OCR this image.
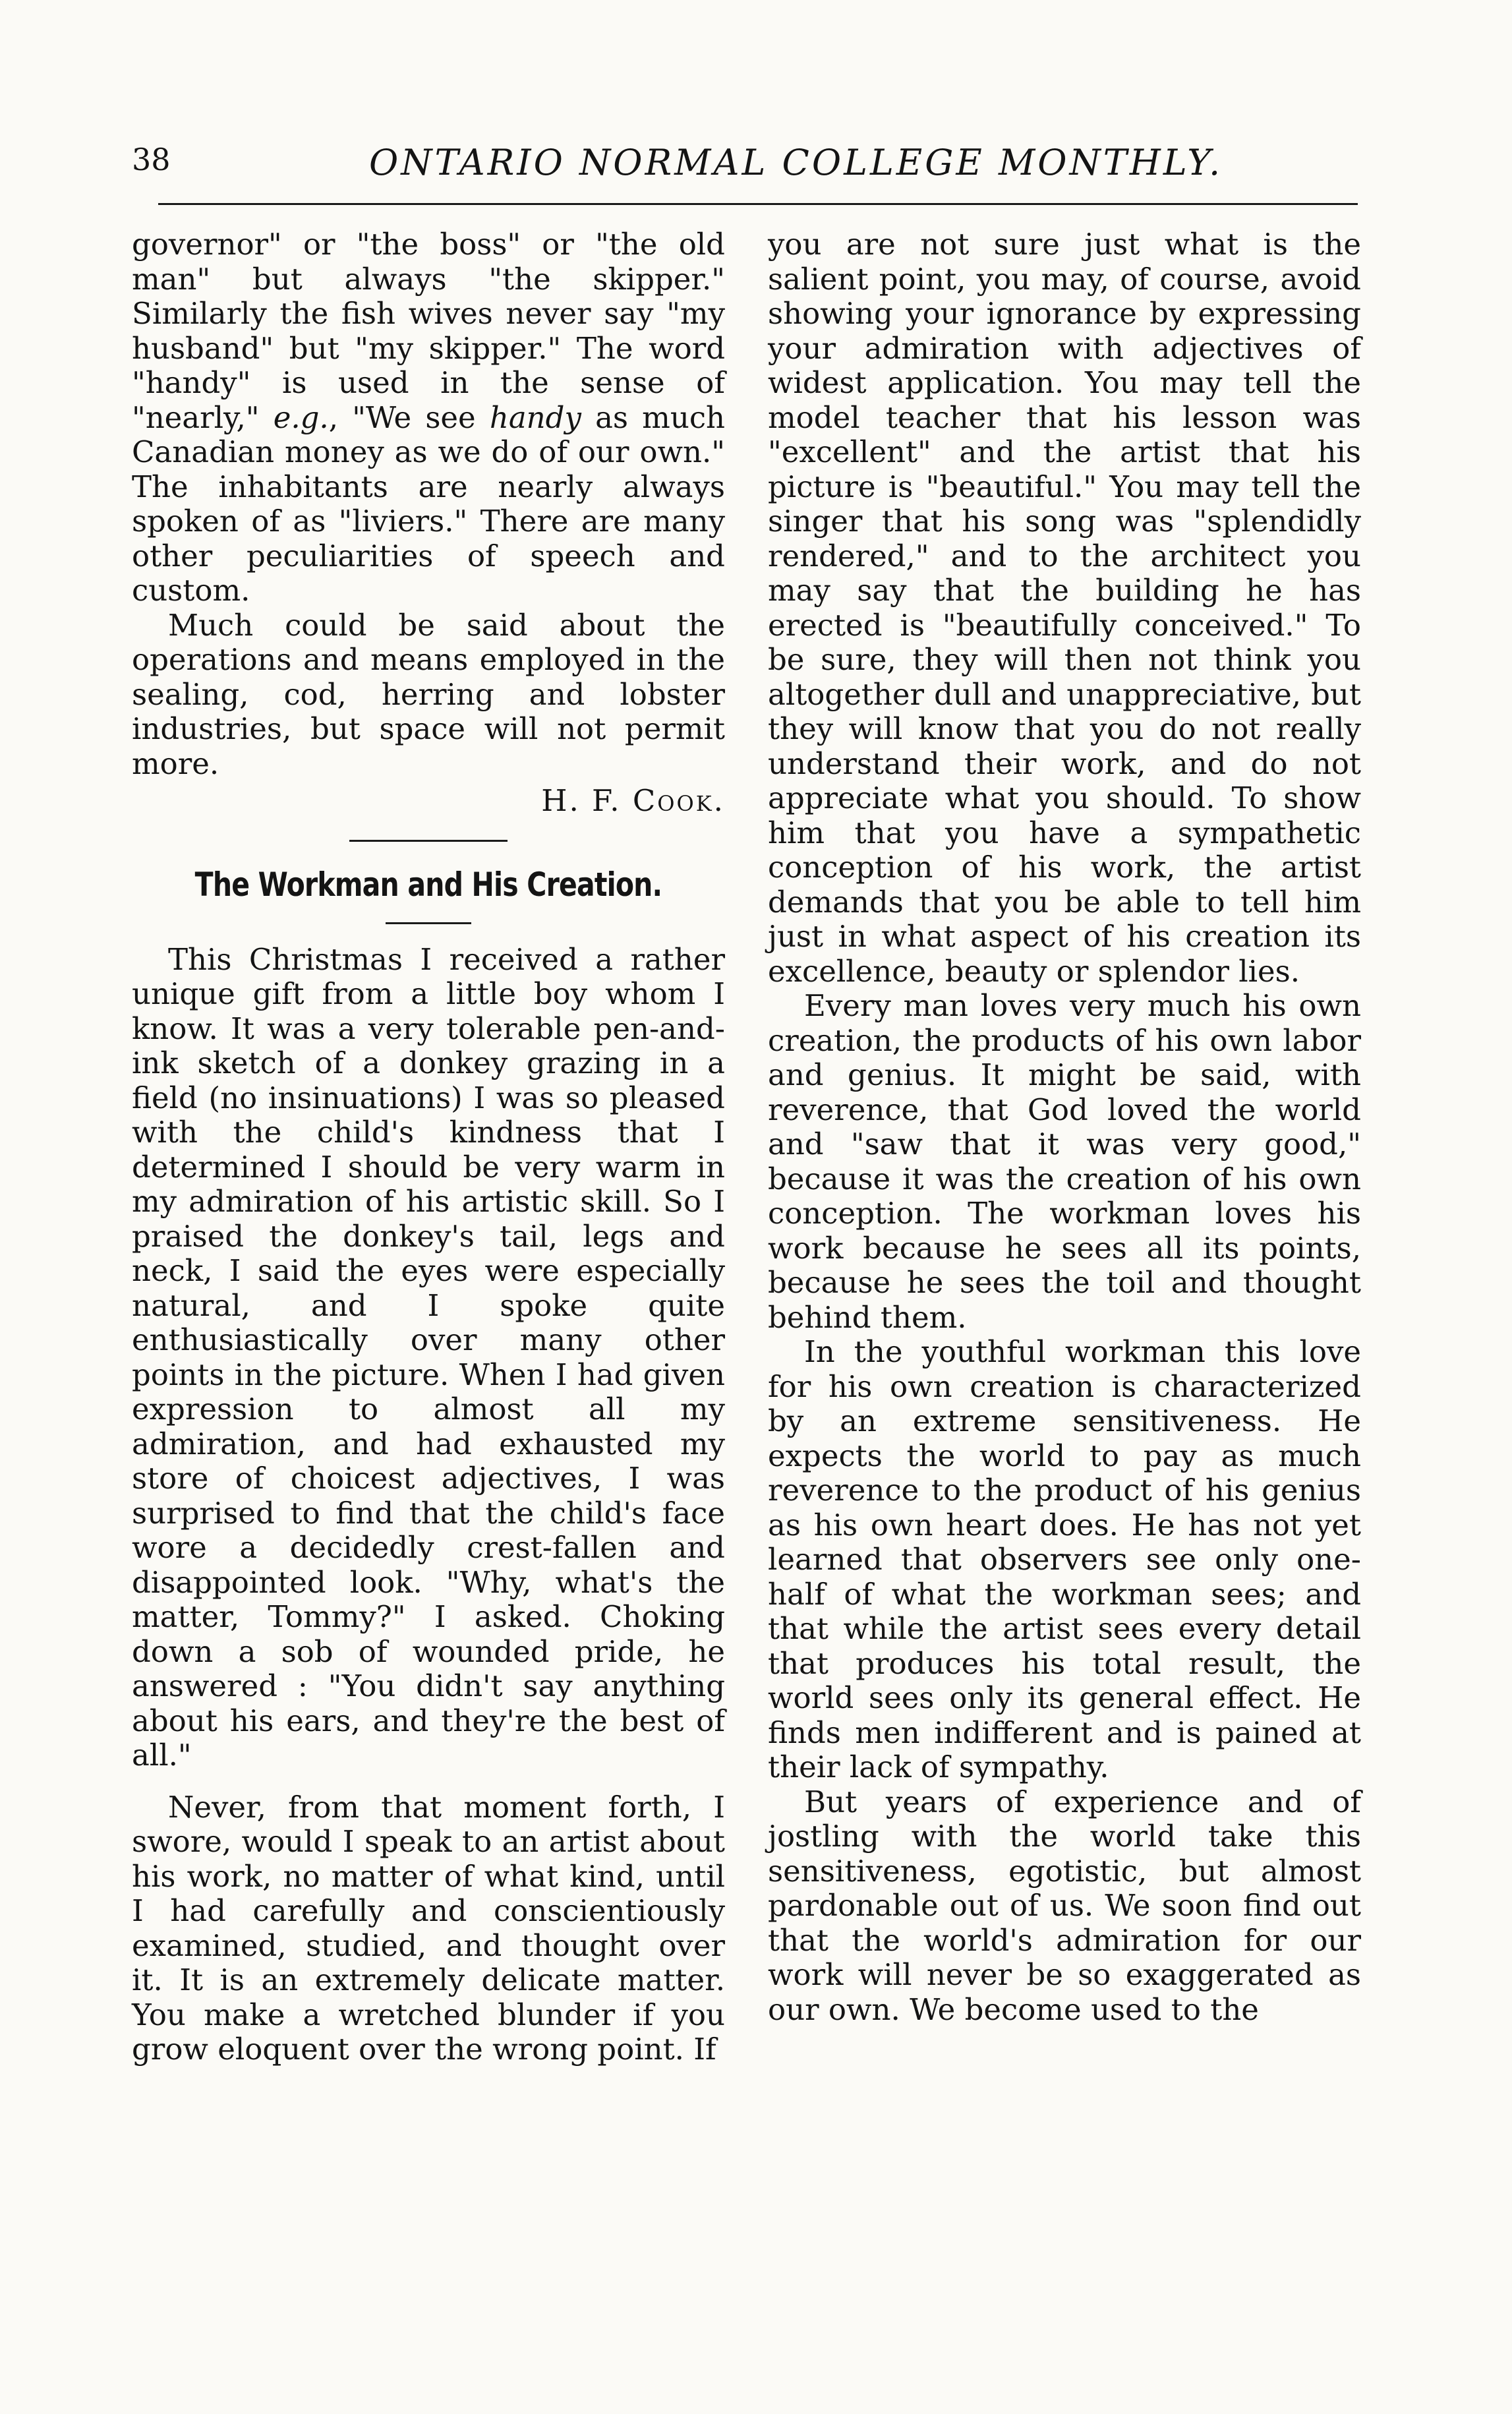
38	ONTARIO NORMAL COLLEGE MONTHLY.

governor" or "the boss" or "the old man" but always "the skipper." Similarly the fish wives never say "my husband" but "my skipper." The word "handy" is used in the sense of "nearly," e.g., "We see handy as much Canadian money as we do of our own." The inhabitants are nearly always spoken of as "liviers." There are many other peculiarities of speech and custom.

Much could be said about the operations and means employed in the sealing, cod, herring and lobster industries, but space will not permit more.

H. F. Cook.
The Workman and His Creation.

This Christmas I received a rather unique gift from a little boy whom I know. It was a very tolerable pen-and-ink sketch of a donkey grazing in a field (no insinuations) I was so pleased with the child's kindness that I determined I should be very warm in my admiration of his artistic skill. So I praised the donkey's tail, legs and neck, I said the eyes were especially natural, and I spoke quite enthusiastically over many other points in the picture. When I had given expression to almost all my admiration, and had exhausted my store of choicest adjectives, I was surprised to find that the child's face wore a decidedly crest-fallen and disappointed look. "Why, what's the matter, Tommy?" I asked. Choking down a sob of wounded pride, he answered : "You didn't say anything about his ears, and they're the best of all."

Never, from that moment forth, I swore, would I speak to an artist about his work, no matter of what kind, until I had carefully and conscientiously examined, studied, and thought over it. It is an extremely delicate matter. You make a wretched blunder if you grow eloquent over the wrong point. If

you are not sure just what is the salient point, you may, of course, avoid showing your ignorance by expressing your admiration with adjectives of widest application. You may tell the model teacher that his lesson was "excellent" and the artist that his picture is "beautiful." You may tell the singer that his song was "splendidly rendered," and to the architect you may say that the building he has erected is "beautifully conceived." To be sure, they will then not think you altogether dull and unappreciative, but they will know that you do not really understand their work, and do not appreciate what you should. To show him that you have a sympathetic conception of his work, the artist demands that you be able to tell him just in what aspect of his creation its excellence, beauty or splendor lies.

Every man loves very much his own creation, the products of his own labor and genius. It might be said, with reverence, that God loved the world and "saw that it was very good," because it was the creation of his own conception. The workman loves his work because he sees all its points, because he sees the toil and thought behind them.

In the youthful workman this love for his own creation is characterized by an extreme sensitiveness. He expects the world to pay as much reverence to the product of his genius as his own heart does. He has not yet learned that observers see only one-half of what the workman sees; and that while the artist sees every detail that produces his total result, the world sees only its general effect. He finds men indifferent and is pained at their lack of sympathy.

But years of experience and of jostling with the world take this sensitiveness, egotistic, but almost pardonable out of us. We soon find out that the world's admiration for our work will never be so exaggerated as our own. We become used to the
